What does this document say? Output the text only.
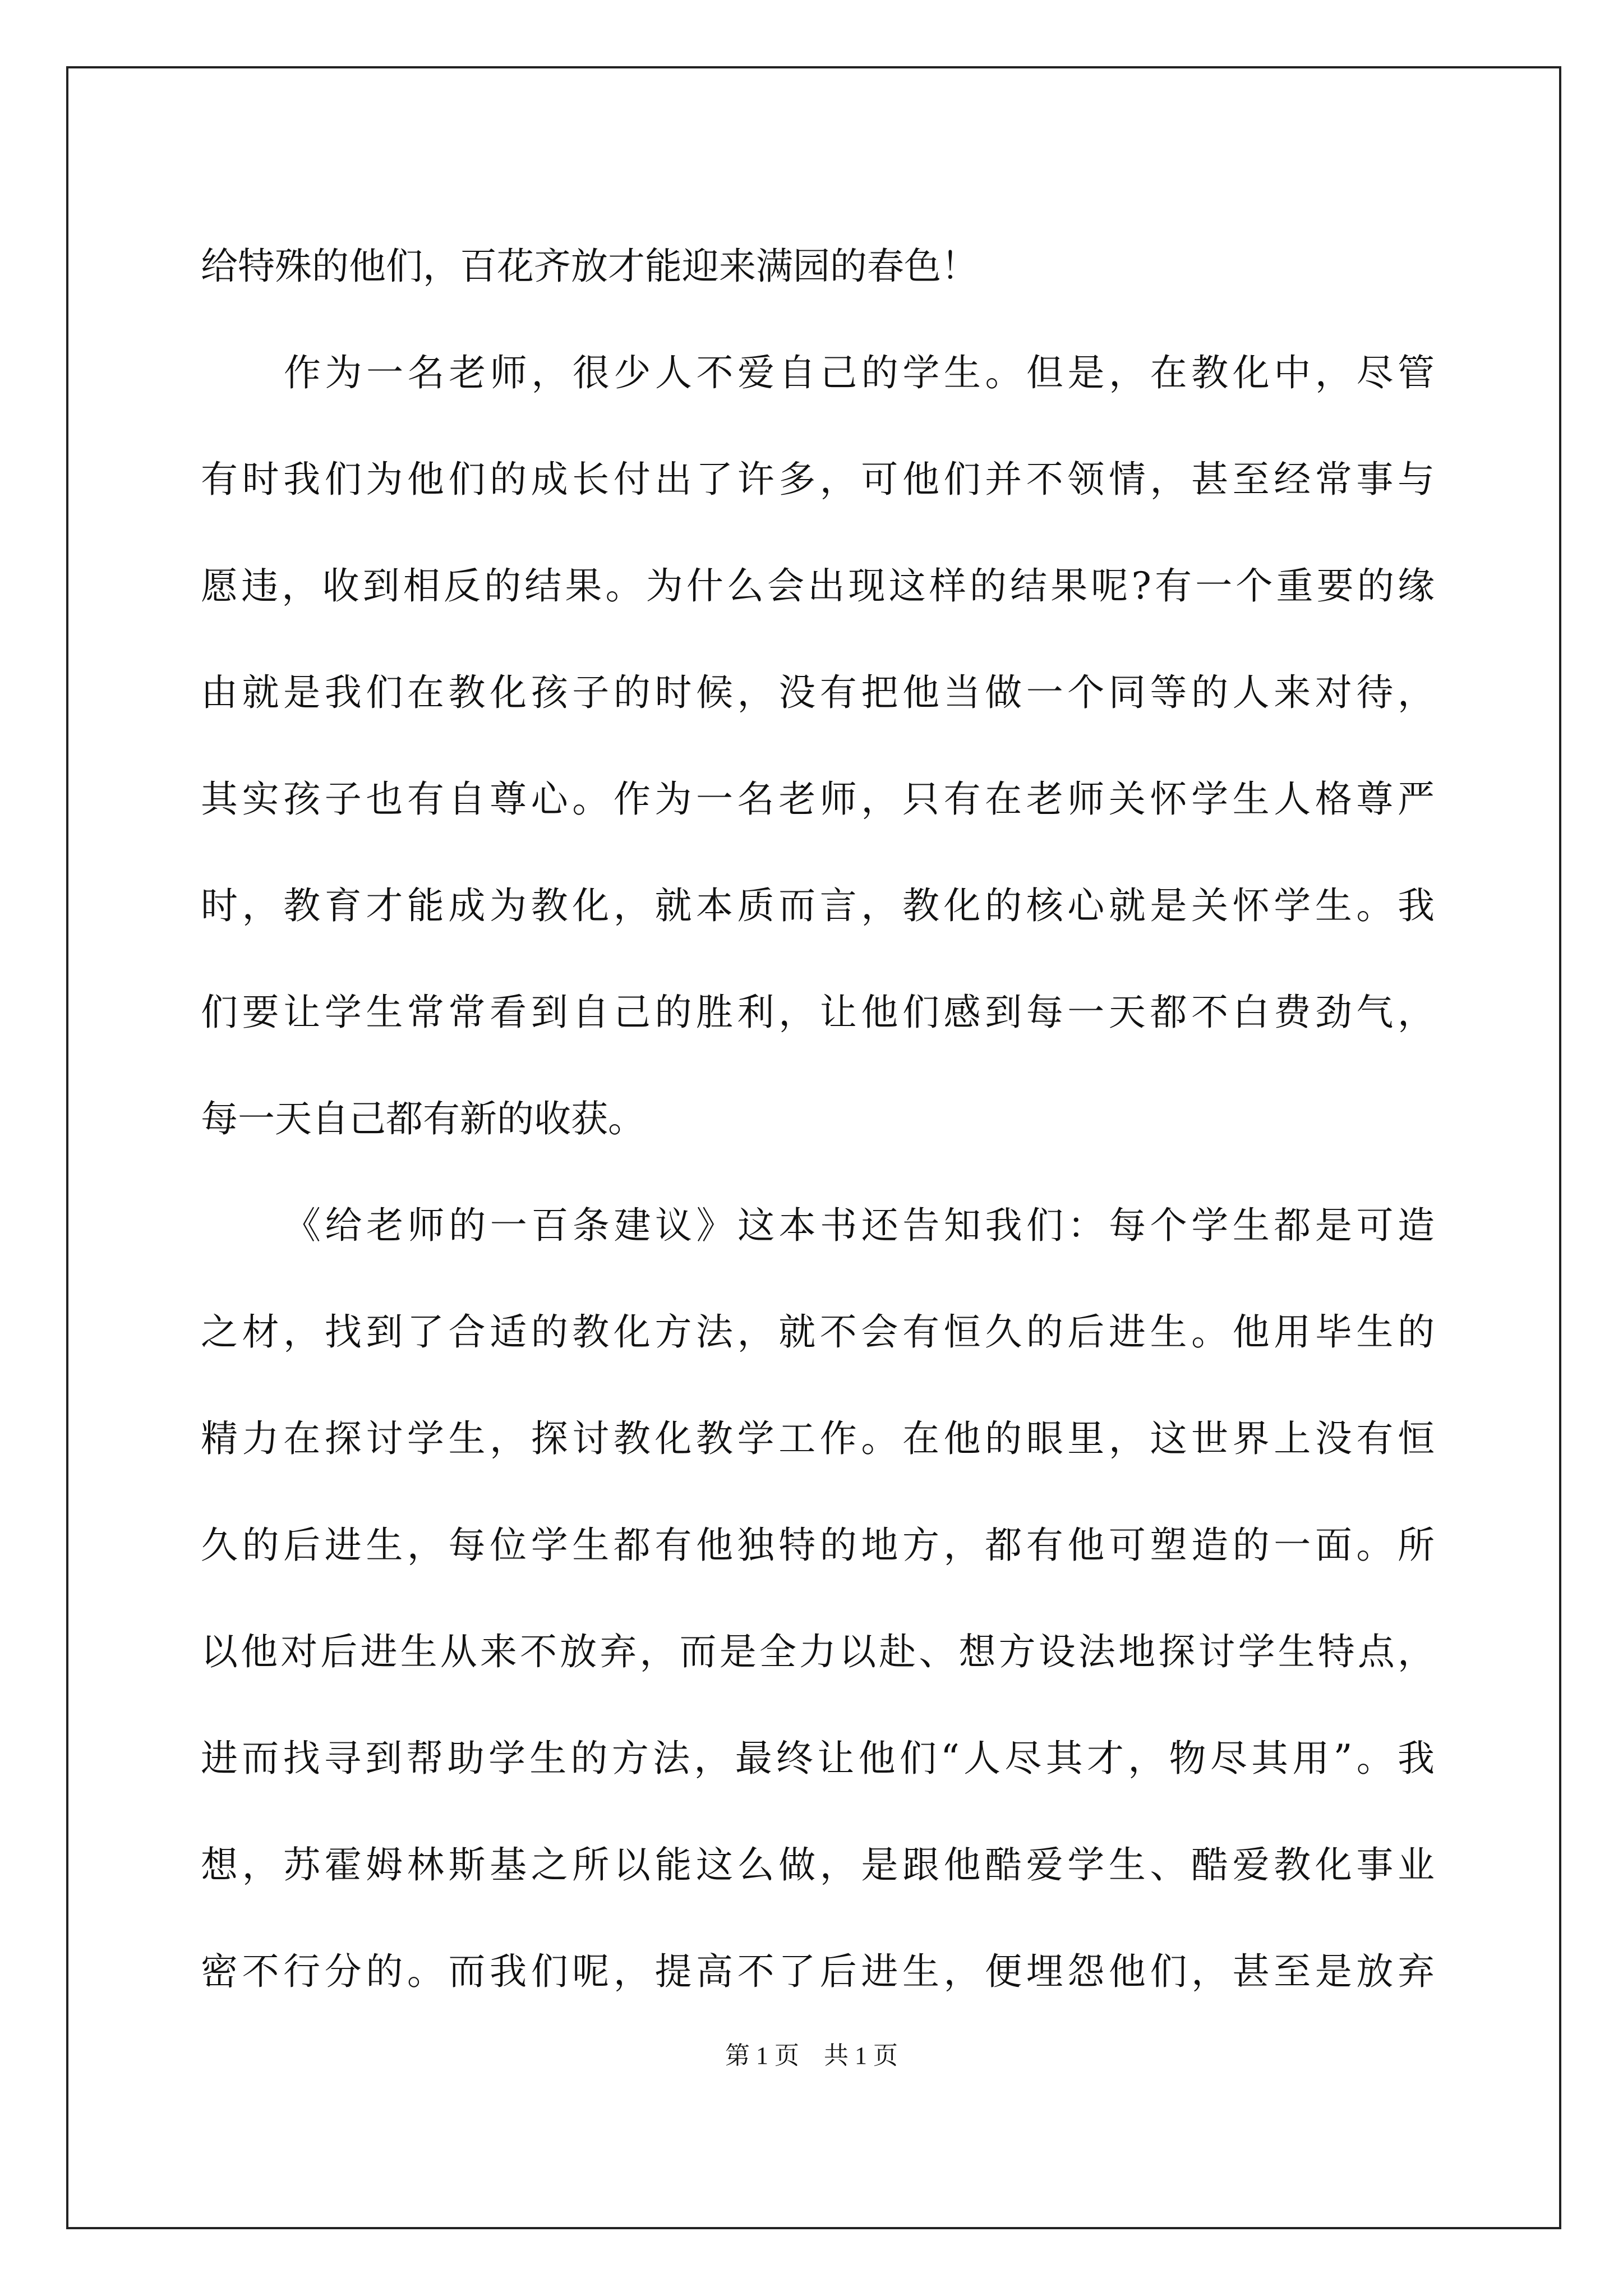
给特殊的他们，百花齐放才能迎来满园的春色！
作为一名老师，很少人不爱自己的学生。但是，在教化中，尽管
有时我们为他们的成长付出了许多，可他们并不领情，甚至经常事与
愿违，收到相反的结果。为什么会出现这样的结果呢?有一个重要的缘
由就是我们在教化孩子的时候，没有把他当做一个同等的人来对待，
其实孩子也有自尊心。作为一名老师，只有在老师关怀学生人格尊严
时，教育才能成为教化，就本质而言，教化的核心就是关怀学生。我
们要让学生常常看到自己的胜利，让他们感到每一天都不白费劲气，
每一天自己都有新的收获。
《给老师的一百条建议》这本书还告知我们：每个学生都是可造
之材，找到了合适的教化方法，就不会有恒久的后进生。他用毕生的
精力在探讨学生，探讨教化教学工作。在他的眼里，这世界上没有恒
久的后进生，每位学生都有他独特的地方，都有他可塑造的一面。所
以他对后进生从来不放弃，而是全力以赴、想方设法地探讨学生特点，
进而找寻到帮助学生的方法，最终让他们“人尽其才，物尽其用”。我
想，苏霍姆林斯基之所以能这么做，是跟他酷爱学生、酷爱教化事业
密不行分的。而我们呢，提高不了后进生，便埋怨他们，甚至是放弃
第 1 页　共 1 页
